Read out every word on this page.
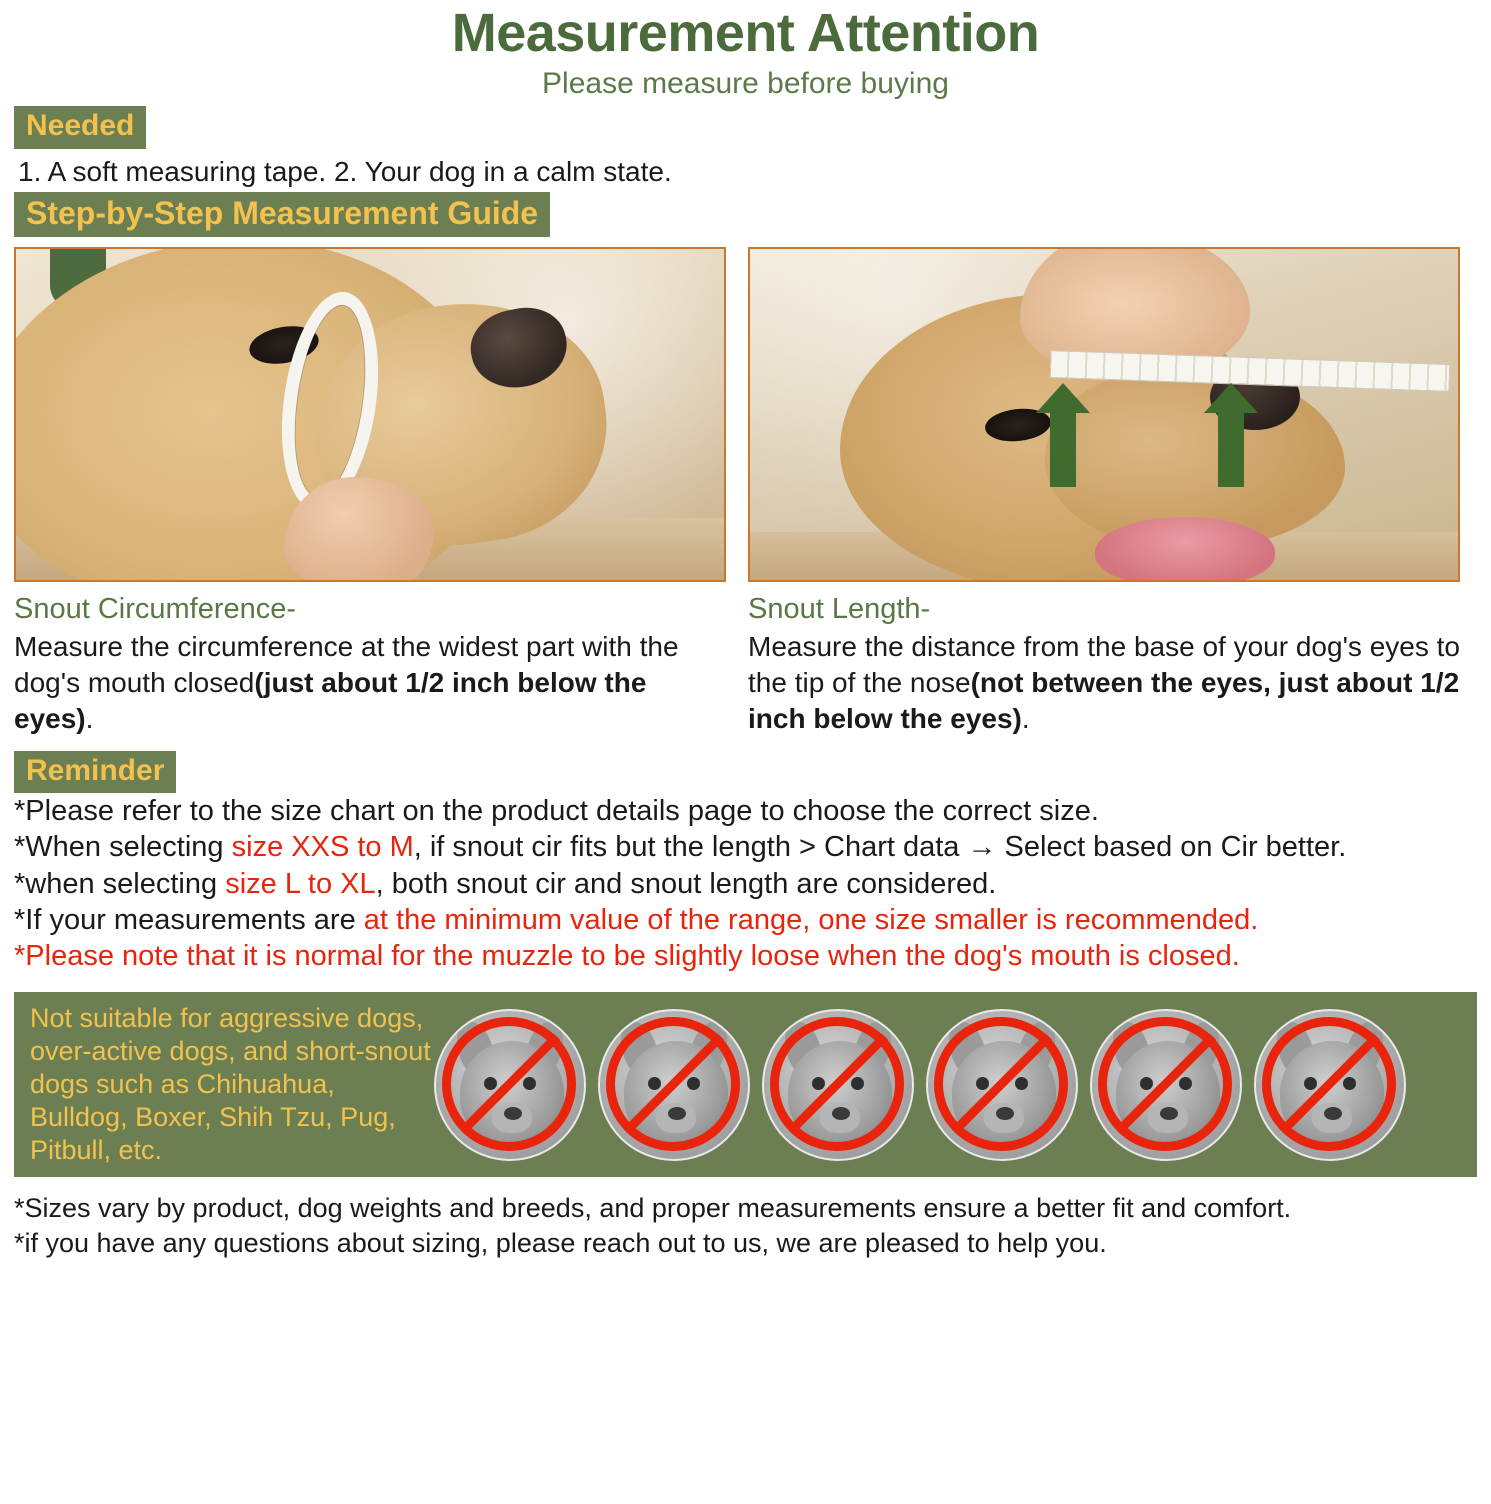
Measurement Attention
Please measure before buying
Needed
1. A soft measuring tape. 2. Your dog in a calm state.
Step-by-Step Measurement Guide
Snout Circumference-

Measure the circumference at the widest part with the dog's mouth closed(just about 1/2 inch below the eyes).

Snout Length-

Measure the distance from the base of your dog's eyes to the tip of the nose(not between the eyes, just about 1/2 inch below the eyes).

Reminder

*Please refer to the size chart on the product details page to choose the correct size.

*When selecting size XXS to M, if snout cir fits but the length > Chart data → Select based on Cir better.

*when selecting size L to XL, both snout cir and snout length are considered.

*If your measurements are at the minimum value of the range, one size smaller is recommended.

*Please note that it is normal for the muzzle to be slightly loose when the dog's mouth is closed.

Not suitable for aggressive dogs, over-active dogs, and short-snout dogs such as Chihuahua, Bulldog, Boxer, Shih Tzu, Pug, Pitbull, etc.

*Sizes vary by product, dog weights and breeds, and proper measurements ensure a better fit and comfort.

*if you have any questions about sizing, please reach out to us, we are pleased to help you.
